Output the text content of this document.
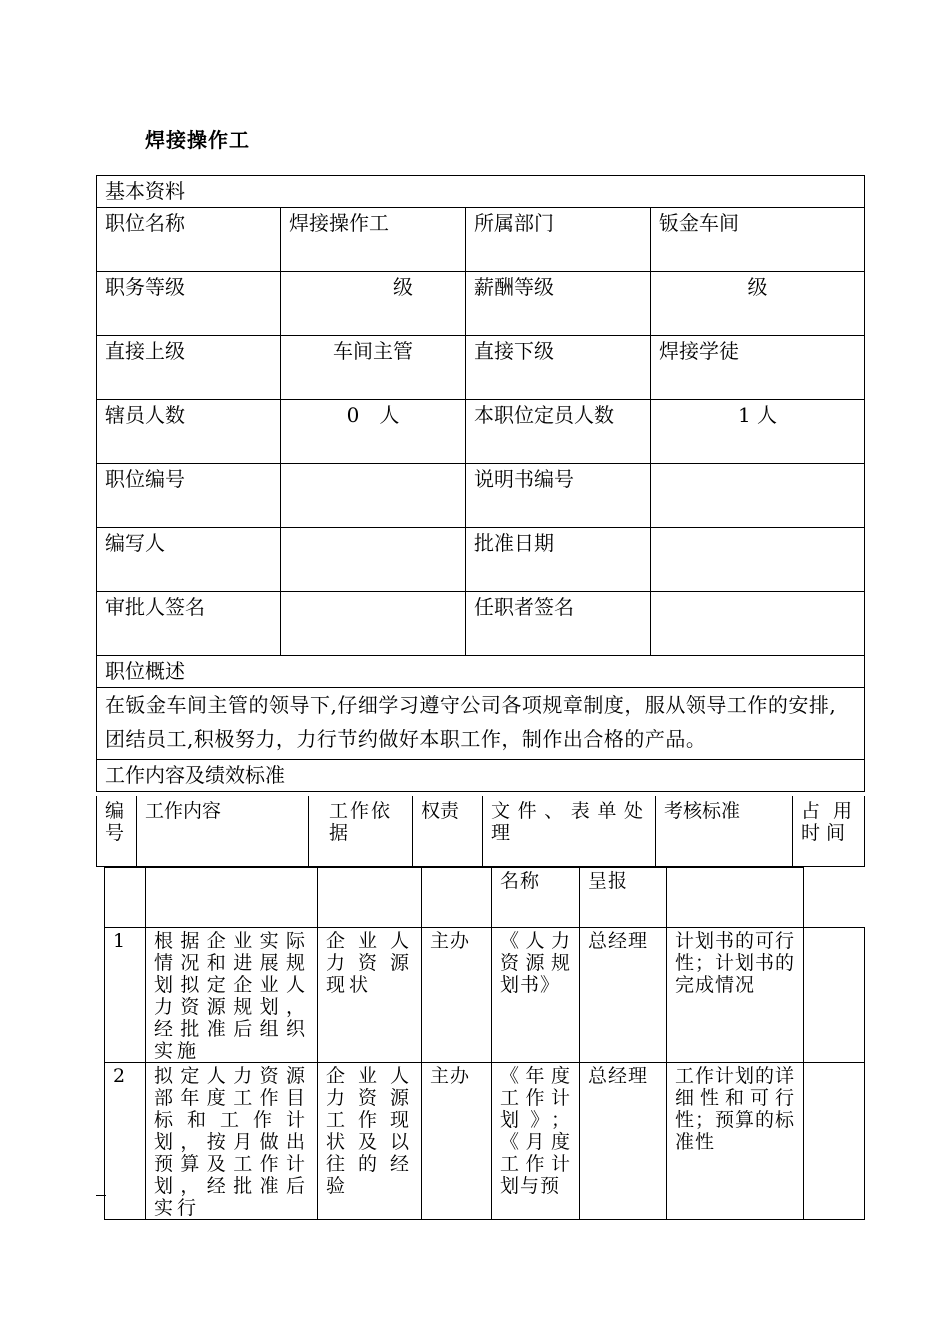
焊接操作工
基本资料			
职位名称	焊接操作工	所属部门	钣金车间
职务等级	级	薪酬等级	级
直接上级	车间主管	直接下级	焊接学徒
辖员人数	0　人	本职位定员人数	1 人
职位编号		说明书编号	
编写人		批准日期	
审批人签名		任职者签名	
职位概述			
在钣金车间主管的领导下,仔细学习遵守公司各项规章制度，服从领导工作的安排,团结员工,积极努力，力行节约做好本职工作，制作出合格的产品。			
工作内容及绩效标准			
编号	工作内容	工作依据	权责	文件、表单处理	考核标准	占用时间
				名称	呈报		
1	根据企业实际情况和进展规划拟定企业人力资源规划，经批准后组织实施	企业人力资源现状	主办	《人力资源规划书》	总经理	计划书的可行性；计划书的完成情况	
2	拟定人力资源部年度工作目标和工作计划，按月做出预算及工作计划，经批准后实行	企业人力资源工作现状及以往的经验	主办	《年度工作计划》；《月度工作计划与预	总经理	工作计划的详细性和可行性；预算的标准性	
